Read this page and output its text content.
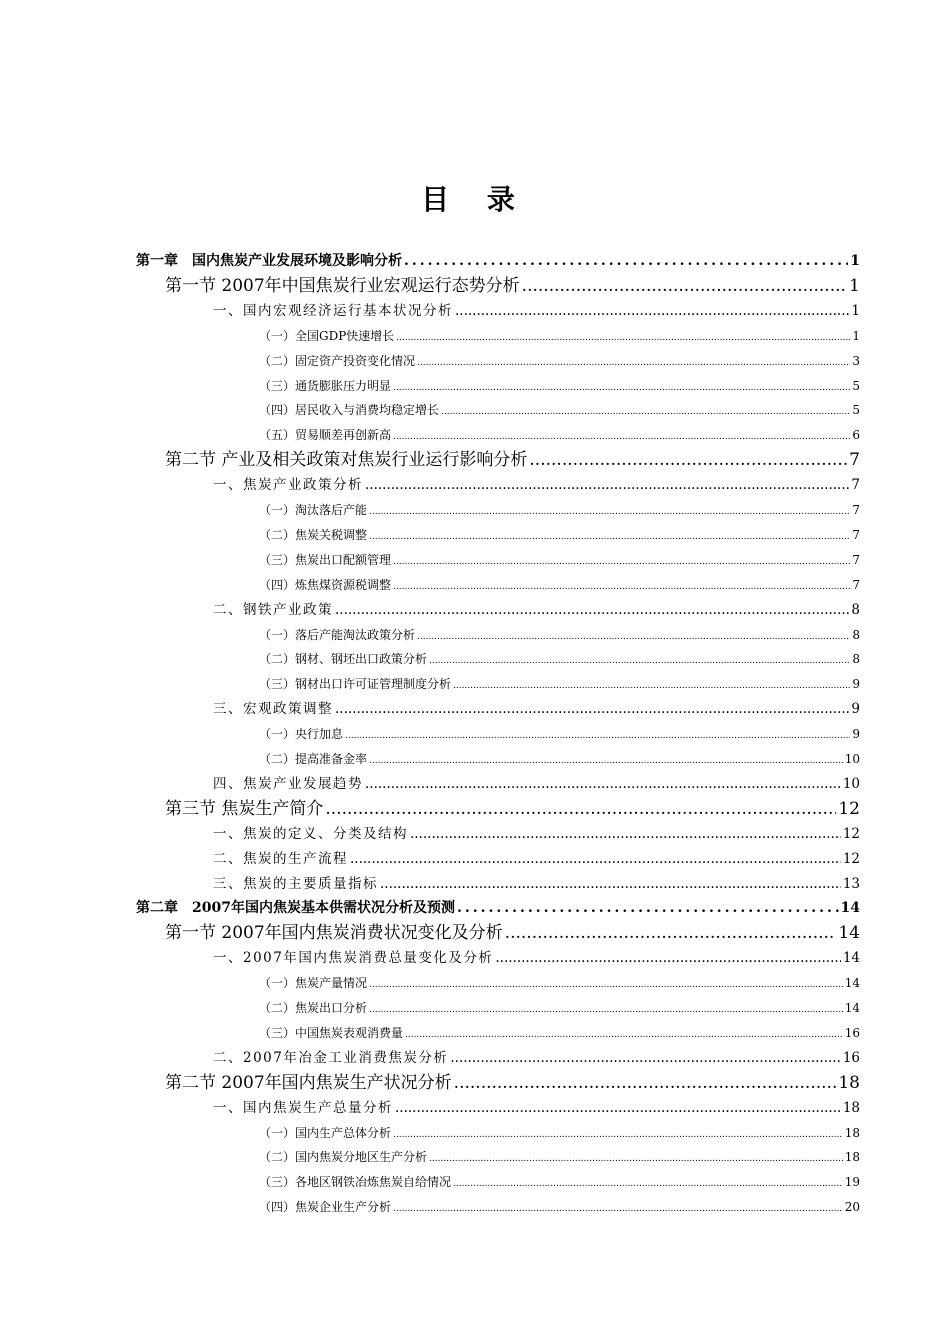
目 录
第一章　国内焦炭产业发展环境及影响分析 .....	1
第一节 2007年中国焦炭行业宏观运行态势分析 .....	1
一、国内宏观经济运行基本状况分析 .....	1
（一）全国GDP快速增长 .....	1
（二）固定资产投资变化情况 .....	3
（三）通货膨胀压力明显 .....	5
（四）居民收入与消费均稳定增长 .....	5
（五）贸易顺差再创新高 .....	6
第二节 产业及相关政策对焦炭行业运行影响分析 .....	7
一、焦炭产业政策分析 .....	7
（一）淘汰落后产能 .....	7
（二）焦炭关税调整 .....	7
（三）焦炭出口配额管理 .....	7
（四）炼焦煤资源税调整 .....	7
二、钢铁产业政策 .....	8
（一）落后产能淘汰政策分析 .....	8
（二）钢材、钢坯出口政策分析 .....	8
（三）钢材出口许可证管理制度分析 .....	9
三、宏观政策调整 .....	9
（一）央行加息 .....	9
（二）提高准备金率 .....	10
四、焦炭产业发展趋势 .....	10
第三节 焦炭生产简介 .....	12
一、焦炭的定义、分类及结构 .....	12
二、焦炭的生产流程 .....	12
三、焦炭的主要质量指标 .....	13
第二章　2007年国内焦炭基本供需状况分析及预测 .....	14
第一节 2007年国内焦炭消费状况变化及分析 .....	14
一、2007年国内焦炭消费总量变化及分析 .....	14
（一）焦炭产量情况 .....	14
（二）焦炭出口分析 .....	14
（三）中国焦炭表观消费量 .....	16
二、2007年冶金工业消费焦炭分析 .....	16
第二节 2007年国内焦炭生产状况分析 .....	18
一、国内焦炭生产总量分析 .....	18
（一）国内生产总体分析 .....	18
（二）国内焦炭分地区生产分析 .....	18
（三）各地区钢铁冶炼焦炭自给情况 .....	19
（四）焦炭企业生产分析 .....	20
